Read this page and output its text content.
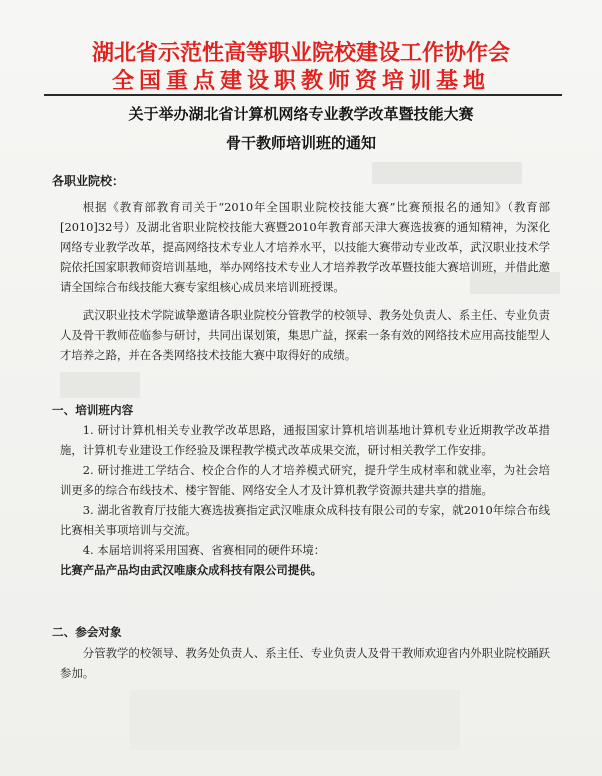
湖北省示范性高等职业院校建设工作协作会
全国重点建设职教师资培训基地
关于举办湖北省计算机网络专业教学改革暨技能大赛
骨干教师培训班的通知
各职业院校：

根据《教育部教育司关于“2010年全国职业院校技能大赛”比赛预报名的通知》（教育部[2010]32号）及湖北省职业院校技能大赛暨2010年教育部天津大赛选拔赛的通知精神，为深化网络专业教学改革，提高网络技术专业人才培养水平，以技能大赛带动专业改革，武汉职业技术学院依托国家职教师资培训基地，举办网络技术专业人才培养教学改革暨技能大赛培训班，并借此邀请全国综合布线技能大赛专家组核心成员来培训班授课。

武汉职业技术学院诚挚邀请各职业院校分管教学的校领导、教务处负责人、系主任、专业负责人及骨干教师莅临参与研讨，共同出谋划策，集思广益，探索一条有效的网络技术应用高技能型人才培养之路，并在各类网络技术技能大赛中取得好的成绩。

一、培训班内容

1. 研讨计算机相关专业教学改革思路，通报国家计算机培训基地计算机专业近期教学改革措施，计算机专业建设工作经验及课程教学模式改革成果交流，研讨相关教学工作安排。

2. 研讨推进工学结合、校企合作的人才培养模式研究，提升学生成材率和就业率，为社会培训更多的综合布线技术、楼宇智能、网络安全人才及计算机教学资源共建共享的措施。

3. 湖北省教育厅技能大赛选拔赛指定武汉唯康众成科技有限公司的专家，就2010年综合布线比赛相关事项培训与交流。

4. 本届培训将采用国赛、省赛相同的硬件环境：

比赛产品产品均由武汉唯康众成科技有限公司提供。

二、参会对象

分管教学的校领导、教务处负责人、系主任、专业负责人及骨干教师欢迎省内外职业院校踊跃参加。
